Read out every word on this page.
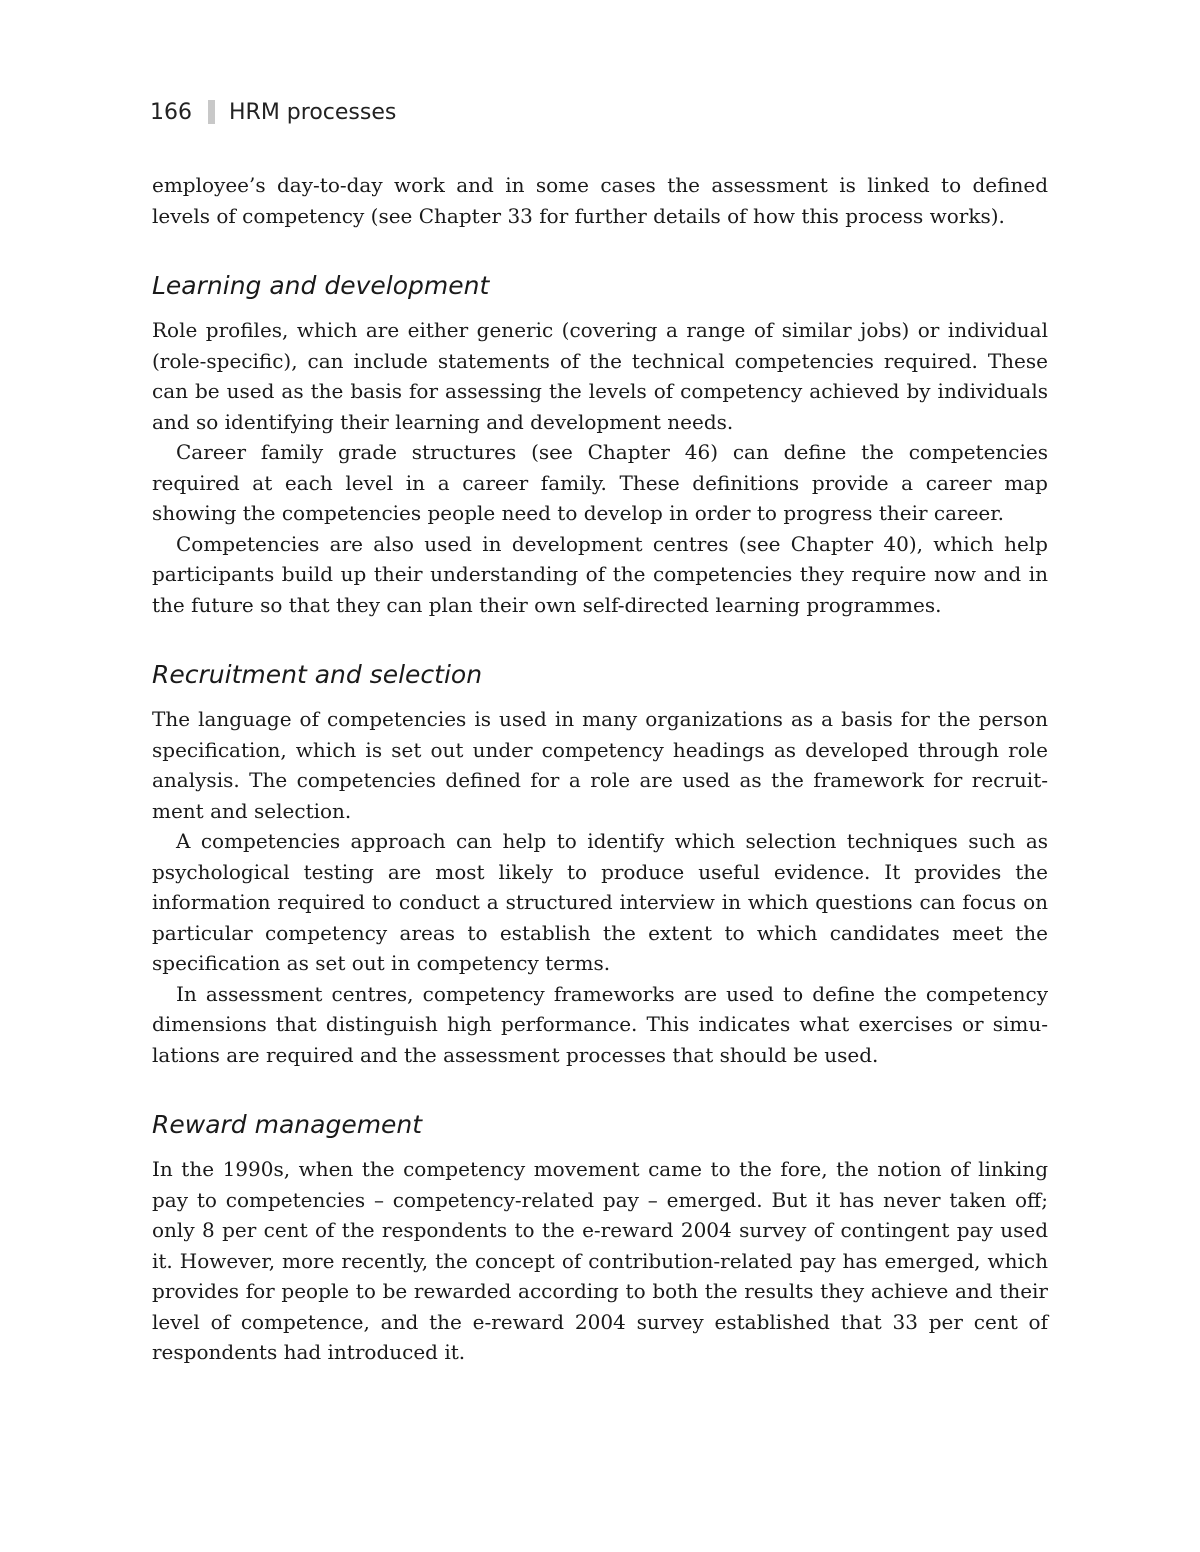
166 HRM processes

employee’s day-to-day work and in some cases the assessment is linked to defined levels of competency (see Chapter 33 for further details of how this process works).

Learning and development

Role profiles, which are either generic (covering a range of similar jobs) or individual (role-specific), can include statements of the technical competencies required. These can be used as the basis for assessing the levels of competency achieved by individuals and so identifying their learning and development needs.

Career family grade structures (see Chapter 46) can define the competencies required at each level in a career family. These definitions provide a career map showing the competencies people need to develop in order to progress their career.

Competencies are also used in development centres (see Chapter 40), which help participants build up their understanding of the competencies they require now and in the future so that they can plan their own self-directed learning programmes.

Recruitment and selection

The language of competencies is used in many organizations as a basis for the person specification, which is set out under competency headings as developed through role analysis. The competencies defined for a role are used as the framework for recruitment and selection.

A competencies approach can help to identify which selection techniques such as psychological testing are most likely to produce useful evidence. It provides the information required to conduct a structured interview in which questions can focus on particular competency areas to establish the extent to which candidates meet the specification as set out in competency terms.

In assessment centres, competency frameworks are used to define the competency dimensions that distinguish high performance. This indicates what exercises or simulations are required and the assessment processes that should be used.

Reward management

In the 1990s, when the competency movement came to the fore, the notion of linking pay to competencies – competency-related pay – emerged. But it has never taken off; only 8 per cent of the respondents to the e-reward 2004 survey of contingent pay used it. However, more recently, the concept of contribution-related pay has emerged, which provides for people to be rewarded according to both the results they achieve and their level of competence, and the e-reward 2004 survey established that 33 per cent of respondents had introduced it.
